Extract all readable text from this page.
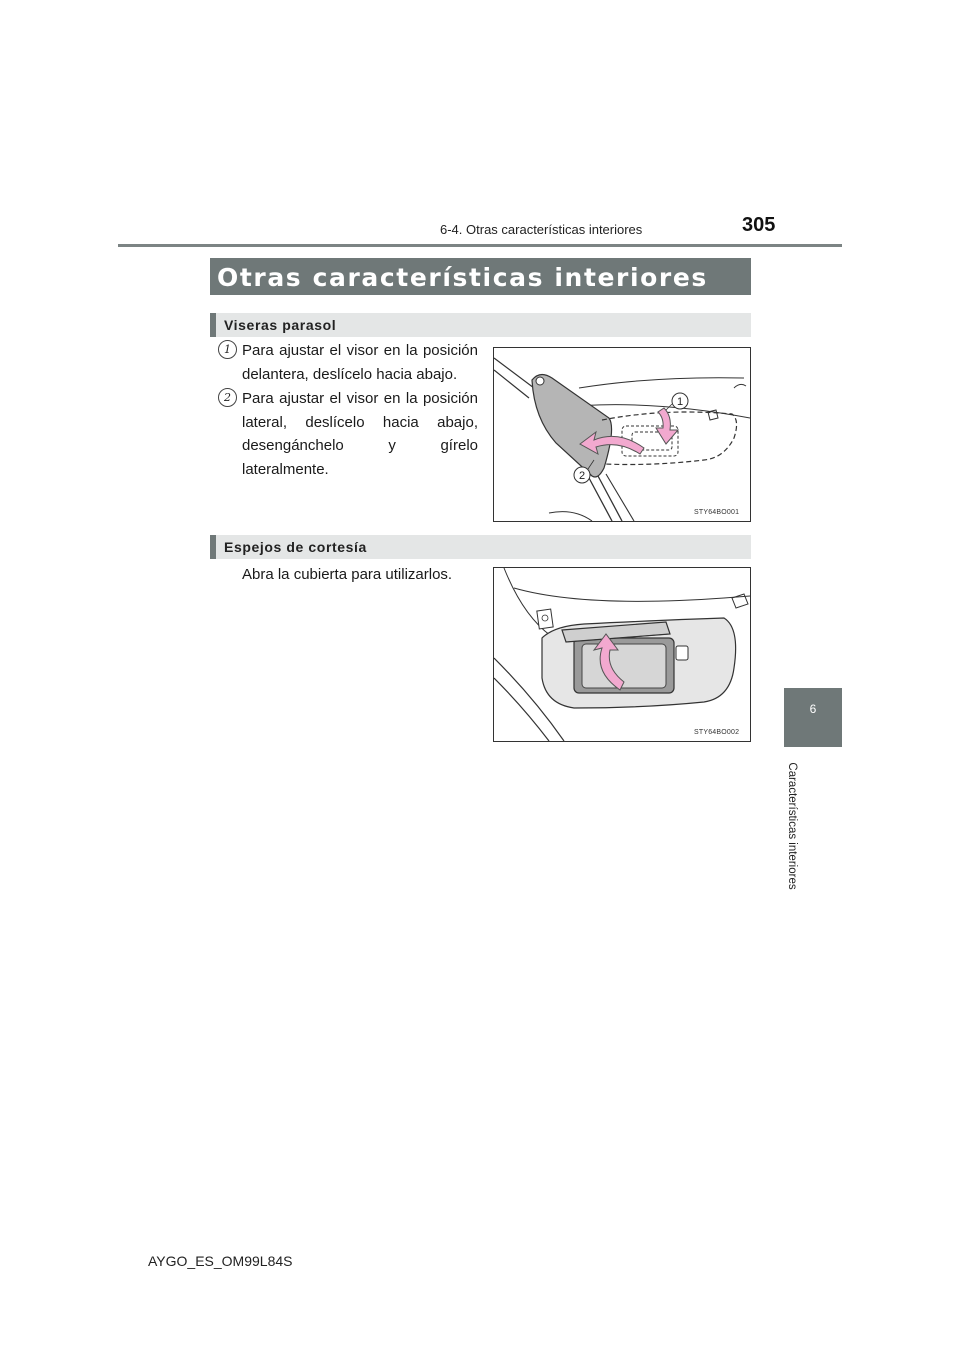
6-4. Otras características interiores	305
Otras características interiores
Viseras parasol
1 Para ajustar el visor en la posición delantera, deslícelo hacia abajo.
2 Para ajustar el visor en la posición lateral, deslícelo hacia abajo, desengánchelo y gírelo lateralmente.
1
2
STY64BO001
Espejos de cortesía
Abra la cubierta para utilizarlos.
STY64BO002
6
Características interiores
AYGO_ES_OM99L84S
